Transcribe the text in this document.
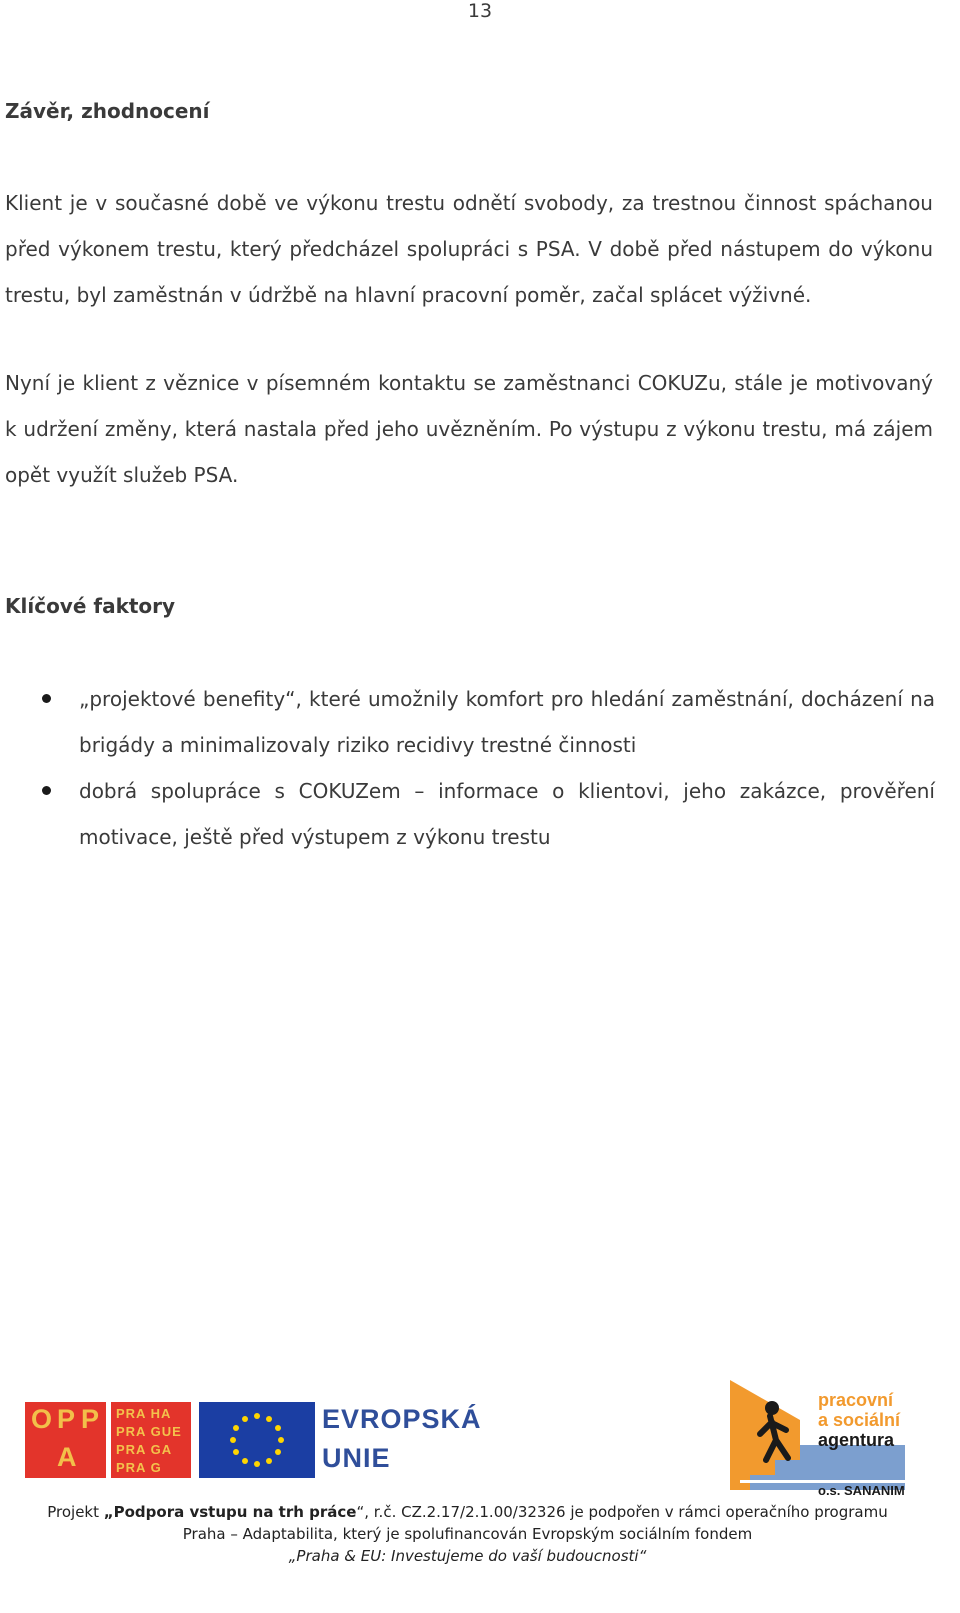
13
Závěr, zhodnocení

Klient je v současné době ve výkonu trestu odnětí svobody, za trestnou činnost spáchanou před výkonem trestu, který předcházel spolupráci s PSA. V době před nástupem do výkonu trestu, byl zaměstnán v údržbě na hlavní pracovní poměr, začal splácet výživné.

Nyní je klient z věznice v písemném kontaktu se zaměstnanci COKUZu, stále je motivovaný k udržení změny, která nastala před jeho uvězněním. Po výstupu z výkonu trestu, má zájem opět využít služeb PSA.

Klíčové faktory
„projektové benefity“, které umožnily komfort pro hledání zaměstnání, docházení na brigády a minimalizovaly riziko recidivy trestné činnosti
dobrá spolupráce s COKUZem – informace o klientovi, jeho zakázce, prověření motivace, ještě před výstupem z výkonu trestu
O P P
A
PRA HA
PRA GUE
PRA GA
PRA G
EVROPSKÁ
UNIE
pracovní
a sociální
agentura
o.s. SANANIM
Projekt „Podpora vstupu na trh práce“, r.č. CZ.2.17/2.1.00/32326 je podpořen v rámci operačního programu
Praha – Adaptabilita, který je spolufinancován Evropským sociálním fondem
„Praha & EU: Investujeme do vaší budoucnosti“
